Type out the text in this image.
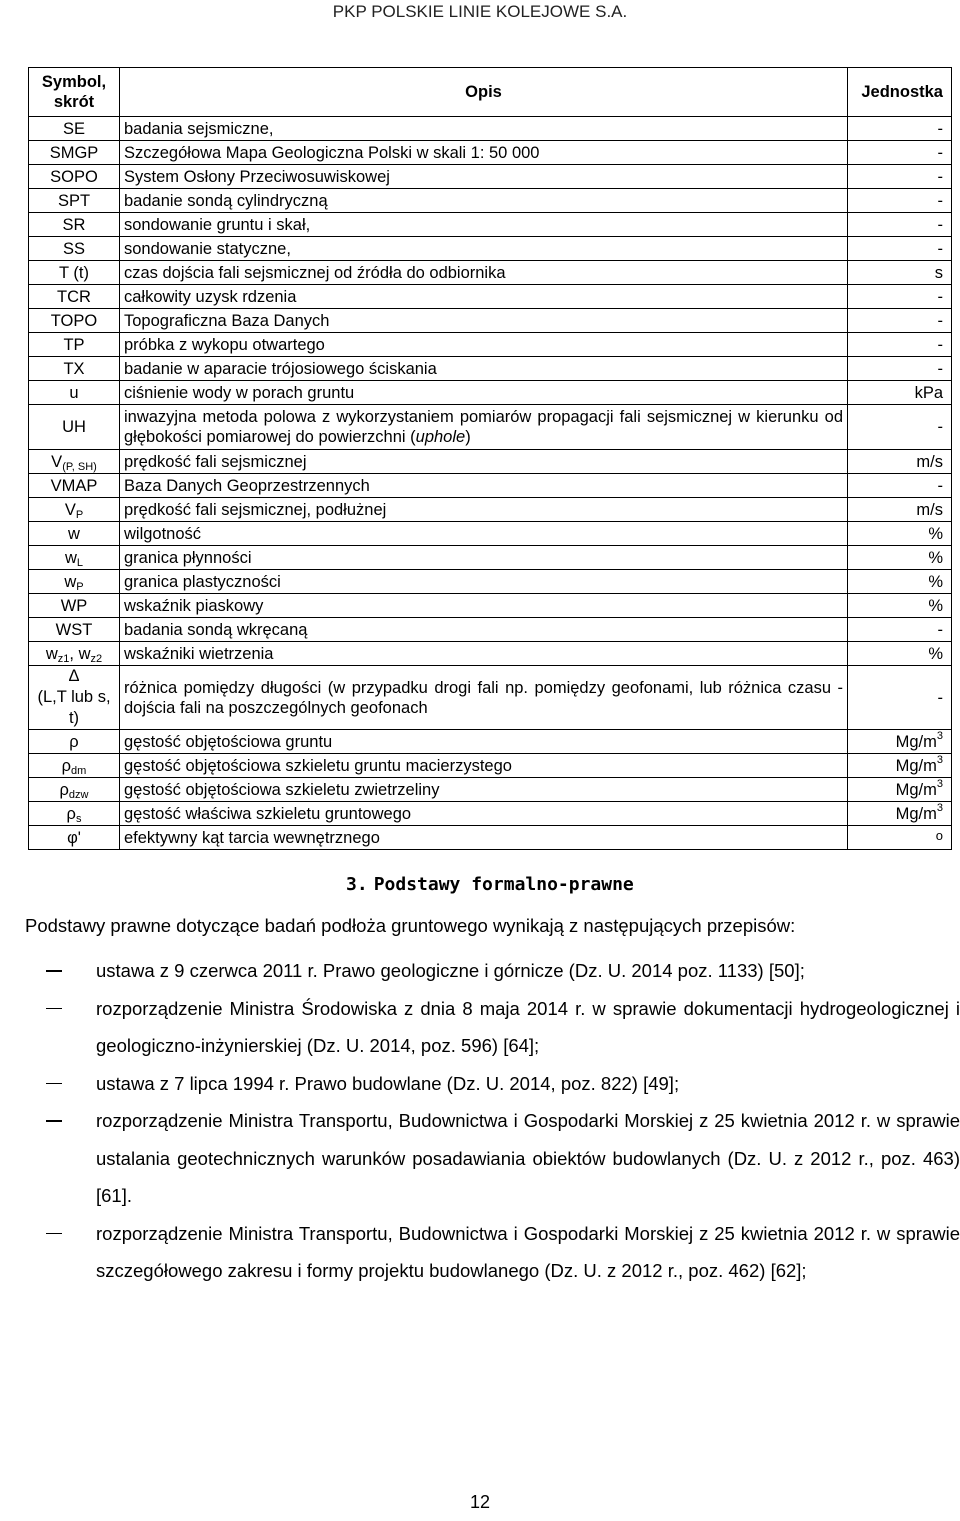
PKP POLSKIE LINIE KOLEJOWE S.A.
Symbol, skrót	Opis	Jednostka
SE	badania sejsmiczne,	-
SMGP	Szczegółowa Mapa Geologiczna Polski w skali 1: 50 000	-
SOPO	System Osłony Przeciwosuwiskowej	-
SPT	badanie sondą cylindryczną	-
SR	sondowanie gruntu i skał,	-
SS	sondowanie statyczne,	-
T (t)	czas dojścia fali sejsmicznej od źródła do odbiornika	s
TCR	całkowity uzysk rdzenia	-
TOPO	Topograficzna Baza Danych	-
TP	próbka z wykopu otwartego	-
TX	badanie w aparacie trójosiowego ściskania	-
u	ciśnienie wody w porach gruntu	kPa
UH	inwazyjna metoda polowa z wykorzystaniem pomiarów propagacji fali sejsmicznej w kierunku od głębokości pomiarowej do powierzchni (uphole)	-
$V_{(P, SH)}$	prędkość fali sejsmicznej	m/s
VMAP	Baza Danych Geoprzestrzennych	-
$V_P$	prędkość fali sejsmicznej, podłużnej	m/s
w	wilgotność	%
$w_L$	granica płynności	%
$w_P$	granica plastyczności	%
WP	wskaźnik piaskowy	%
WST	badania sondą wkręcaną	-
$w_{z1}$, $w_{z2}$	wskaźniki wietrzenia	%

Δ
(L,T lub s,
t)	różnica pomiędzy długości (w przypadku drogi fali np. pomiędzy geofonami, lub różnica czasu - dojścia fali na poszczególnych geofonach	-
ρ	gęstość objętościowa gruntu	$Mg/m^3$
$\rho_{dm}$	gęstość objętościowa szkieletu gruntu macierzystego	$Mg/m^3$
$\rho_{dzw}$	gęstość objętościowa szkieletu zwietrzeliny	$Mg/m^3$
$\rho_s$	gęstość właściwa szkieletu gruntowego	$Mg/m^3$
φ'	efektywny kąt tarcia wewnętrznego	o
3. Podstawy formalno-prawne
Podstawy prawne dotyczące badań podłoża gruntowego wynikają z następujących przepisów:
ustawa z 9 czerwca 2011 r. Prawo geologiczne i górnicze (Dz. U. 2014 poz. 1133) [50];
rozporządzenie Ministra Środowiska z dnia 8 maja 2014 r. w sprawie dokumentacji hydrogeologicznej i geologiczno-inżynierskiej (Dz. U. 2014, poz. 596) [64];
ustawa z 7 lipca 1994 r. Prawo budowlane (Dz. U. 2014, poz. 822) [49];
rozporządzenie Ministra Transportu, Budownictwa i Gospodarki Morskiej z 25 kwietnia 2012 r. w sprawie ustalania geotechnicznych warunków posadawiania obiektów budowlanych (Dz. U. z 2012 r., poz. 463) [61].
rozporządzenie Ministra Transportu, Budownictwa i Gospodarki Morskiej z 25 kwietnia 2012 r. w sprawie szczegółowego zakresu i formy projektu budowlanego (Dz. U. z 2012 r., poz. 462) [62];
12
